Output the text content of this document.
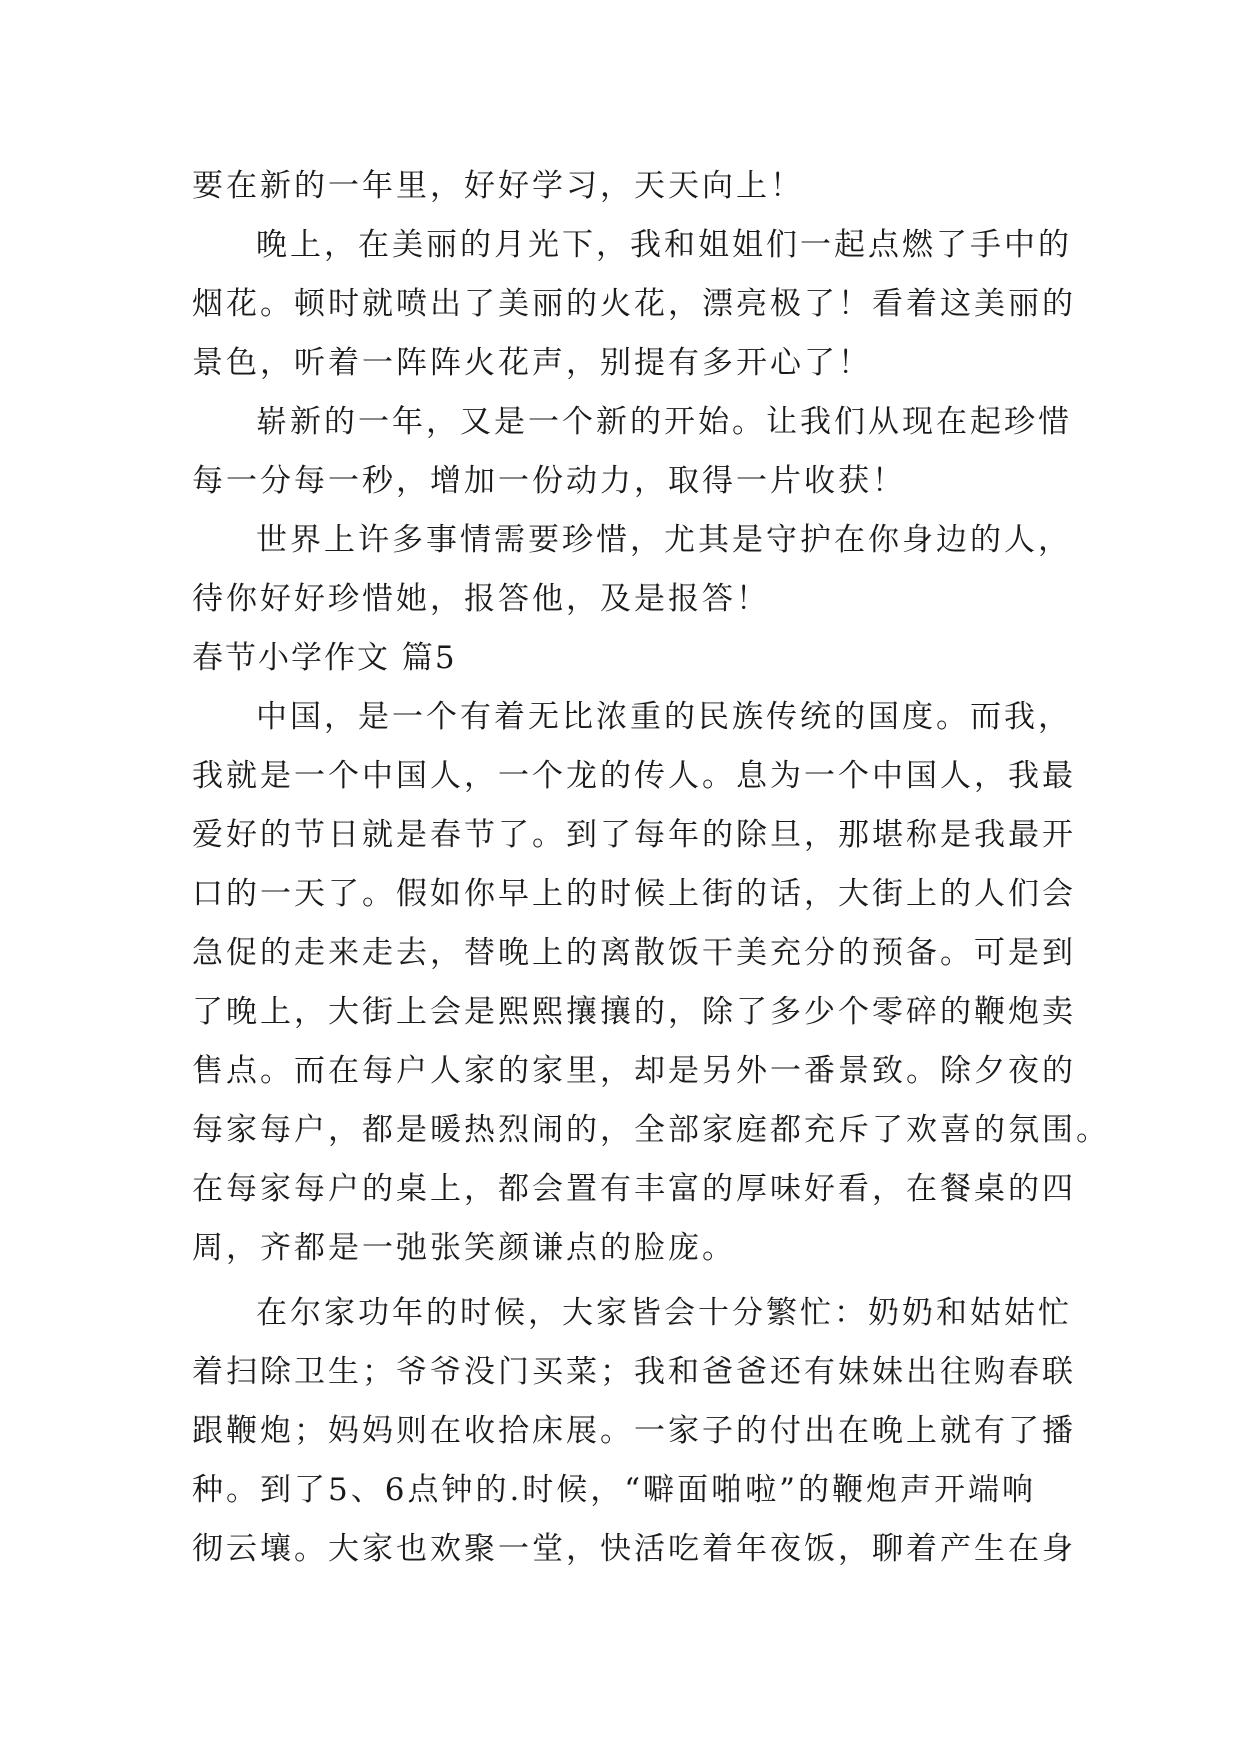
要在新的一年里，好好学习，天天向上！
晚上，在美丽的月光下，我和姐姐们一起点燃了手中的
烟花。顿时就喷出了美丽的火花，漂亮极了！看着这美丽的
景色，听着一阵阵火花声，别提有多开心了！
崭新的一年，又是一个新的开始。让我们从现在起珍惜
每一分每一秒，增加一份动力，取得一片收获！
世界上许多事情需要珍惜，尤其是守护在你身边的人，
待你好好珍惜她，报答他，及是报答！
春节小学作文 篇5
中国，是一个有着无比浓重的民族传统的国度。而我，
我就是一个中国人，一个龙的传人。息为一个中国人，我最
爱好的节日就是春节了。到了每年的除旦，那堪称是我最开
口的一天了。假如你早上的时候上街的话，大街上的人们会
急促的走来走去，替晚上的离散饭干美充分的预备。可是到
了晚上，大街上会是熙熙攘攘的，除了多少个零碎的鞭炮卖
售点。而在每户人家的家里，却是另外一番景致。除夕夜的
每家每户，都是暖热烈闹的，全部家庭都充斥了欢喜的氛围。
在每家每户的桌上，都会置有丰富的厚味好看，在餐桌的四
周，齐都是一弛张笑颜谦点的脸庞。
在尔家功年的时候，大家皆会十分繁忙：奶奶和姑姑忙
着扫除卫生；爷爷没门买菜；我和爸爸还有妹妹出往购春联
跟鞭炮；妈妈则在收拾床展。一家子的付出在晚上就有了播
种。到了5、6点钟的.时候，“噼面啪啦”的鞭炮声开端响
彻云壤。大家也欢聚一堂，快活吃着年夜饭，聊着产生在身
